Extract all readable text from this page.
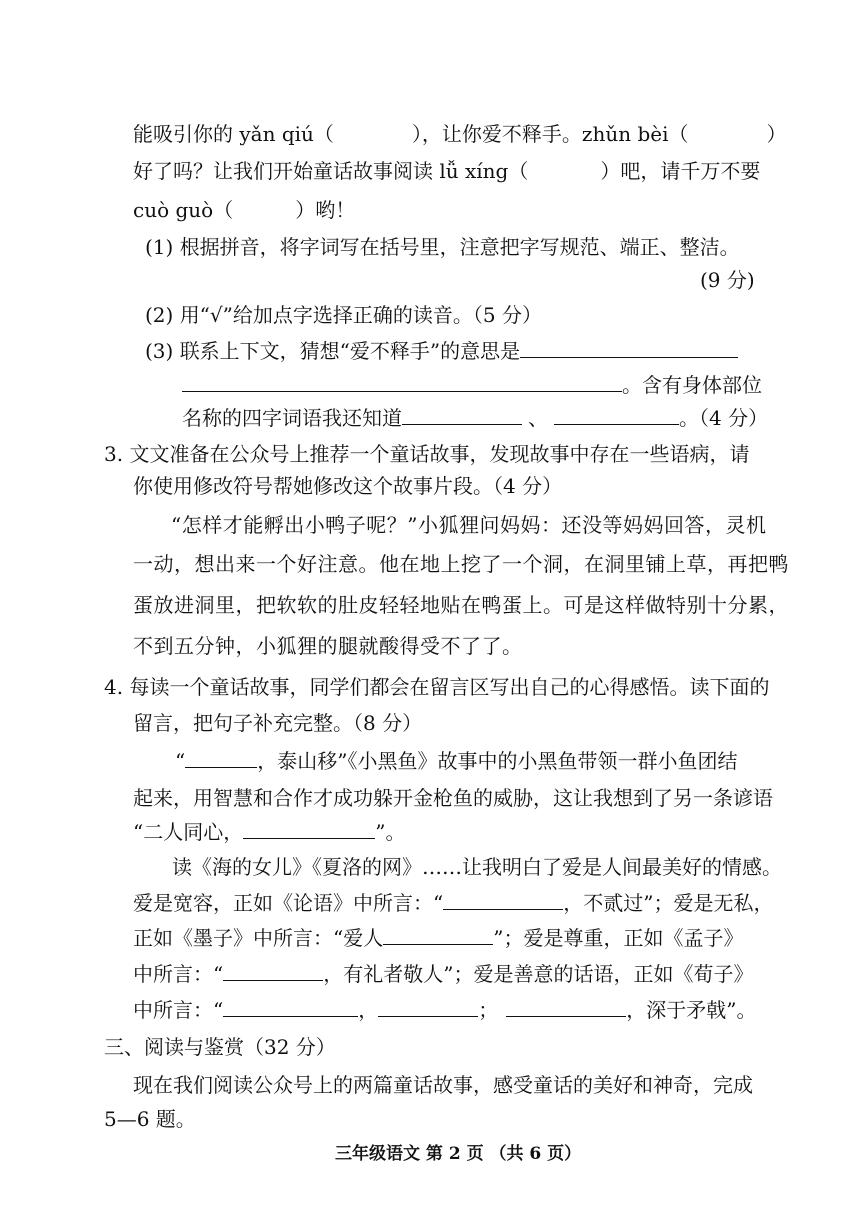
能吸引你的 yǎn qiú（	），让你爱不释手。zhǔn bèi（	）
好了吗？让我们开始童话故事阅读 lǚ xíng（	）吧，请千万不要
cuò guò（	）哟！
(1) 根据拼音，将字词写在括号里，注意把字写规范、端正、整洁。
(9 分)
(2) 用“√”给加点字选择正确的读音。（5 分）
(3) 联系上下文，猜想“爱不释手”的意思是
。含有身体部位
名称的四字词语我还知道	、	。（4 分）
3. 文文准备在公众号上推荐一个童话故事，发现故事中存在一些语病，请
你使用修改符号帮她修改这个故事片段。（4 分）
“怎样才能孵出小鸭子呢？”小狐狸问妈妈：还没等妈妈回答，灵机
一动，想出来一个好注意。他在地上挖了一个洞，在洞里铺上草，再把鸭
蛋放进洞里，把软软的肚皮轻轻地贴在鸭蛋上。可是这样做特别十分累，
不到五分钟，小狐狸的腿就酸得受不了了。
4. 每读一个童话故事，同学们都会在留言区写出自己的心得感悟。读下面的
留言，把句子补充完整。（8 分）
“	，泰山移”《小黑鱼》故事中的小黑鱼带领一群小鱼团结
起来，用智慧和合作才成功躲开金枪鱼的威胁，这让我想到了另一条谚语
“二人同心，	”。
读《海的女儿》《夏洛的网》……让我明白了爱是人间最美好的情感。
爱是宽容，正如《论语》中所言：“	，不贰过”；爱是无私，
正如《墨子》中所言：“爱人	”；爱是尊重，正如《孟子》
中所言：“	，有礼者敬人”；爱是善意的话语，正如《荀子》
中所言：“	，	；	，深于矛戟”。
三、阅读与鉴赏（32 分）
现在我们阅读公众号上的两篇童话故事，感受童话的美好和神奇，完成
5—6 题。
三年级语文 第 2 页 （共 6 页）
